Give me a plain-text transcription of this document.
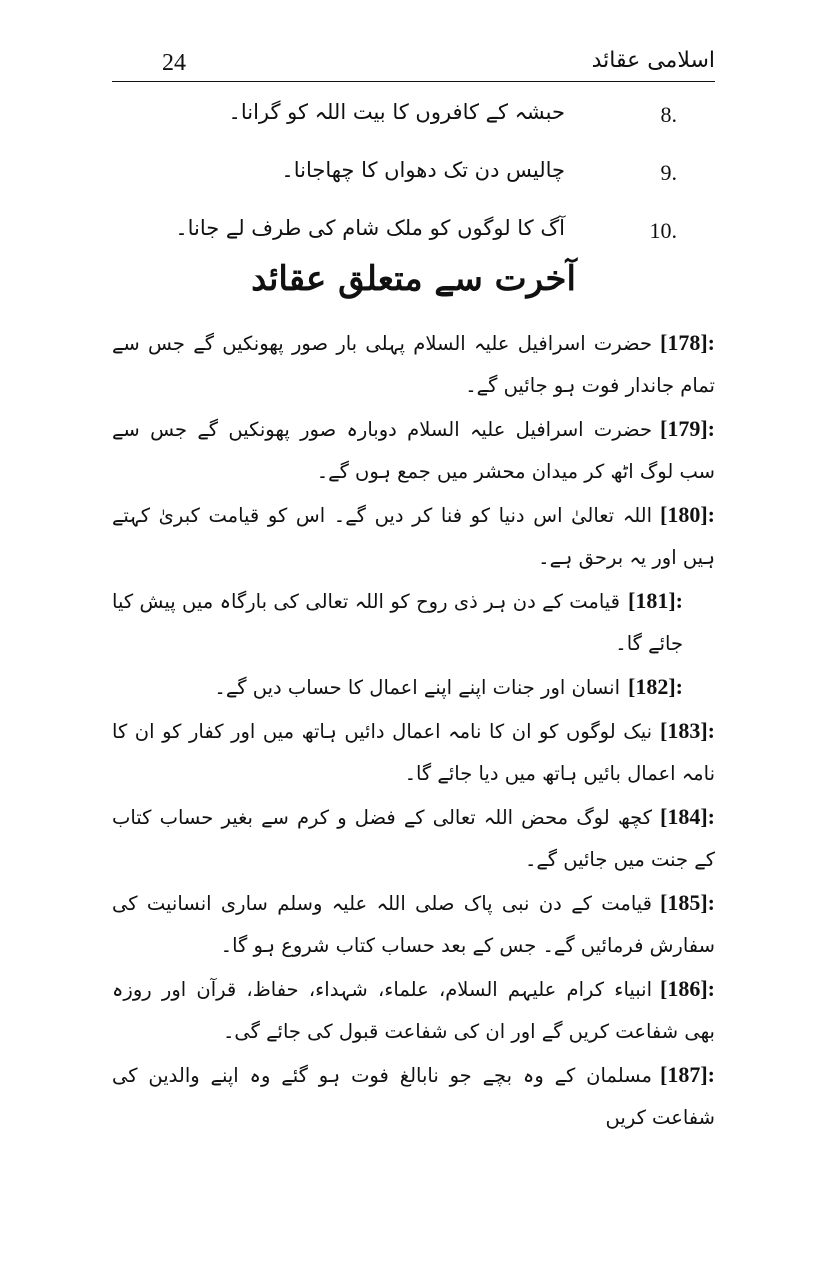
24	اسلامی عقائد
8.
حبشہ کے کافروں کا بیت اللہ کو گرانا۔
9.
چالیس دن تک دھواں کا چھاجانا۔
10.
آگ کا لوگوں کو ملک شام کی طرف لے جانا۔
آخرت سے متعلق عقائد

[178]:حضرت اسرافیل علیہ السلام پہلی بار صور پھونکیں گے جس سے تمام جاندار فوت ہو جائیں گے۔

[179]:حضرت اسرافیل علیہ السلام دوبارہ صور پھونکیں گے جس سے سب لوگ اٹھ کر میدان محشر میں جمع ہوں گے۔

[180]:اللہ تعالیٰ اس دنیا کو فنا کر دیں گے۔ اس کو قیامت کبریٰ کہتے ہیں اور یہ برحق ہے۔

[181]:قیامت کے دن ہر ذی روح کو اللہ تعالی کی بارگاہ میں پیش کیا جائے گا۔

[182]:انسان اور جنات اپنے اپنے اعمال کا حساب دیں گے۔

[183]:نیک لوگوں کو ان کا نامہ اعمال دائیں ہاتھ میں اور کفار کو ان کا نامہ اعمال بائیں ہاتھ میں دیا جائے گا۔

[184]:کچھ لوگ محض اللہ تعالی کے فضل و کرم سے بغیر حساب کتاب کے جنت میں جائیں گے۔

[185]:قیامت کے دن نبی پاک صلی اللہ علیہ وسلم ساری انسانیت کی سفارش فرمائیں گے۔ جس کے بعد حساب کتاب شروع ہو گا۔

[186]:انبیاء کرام علیہم السلام، علماء، شہداء، حفاظ، قرآن اور روزہ بھی شفاعت کریں گے اور ان کی شفاعت قبول کی جائے گی۔

[187]:مسلمان کے وہ بچے جو نابالغ فوت ہو گئے وہ اپنے والدین کی شفاعت کریں
